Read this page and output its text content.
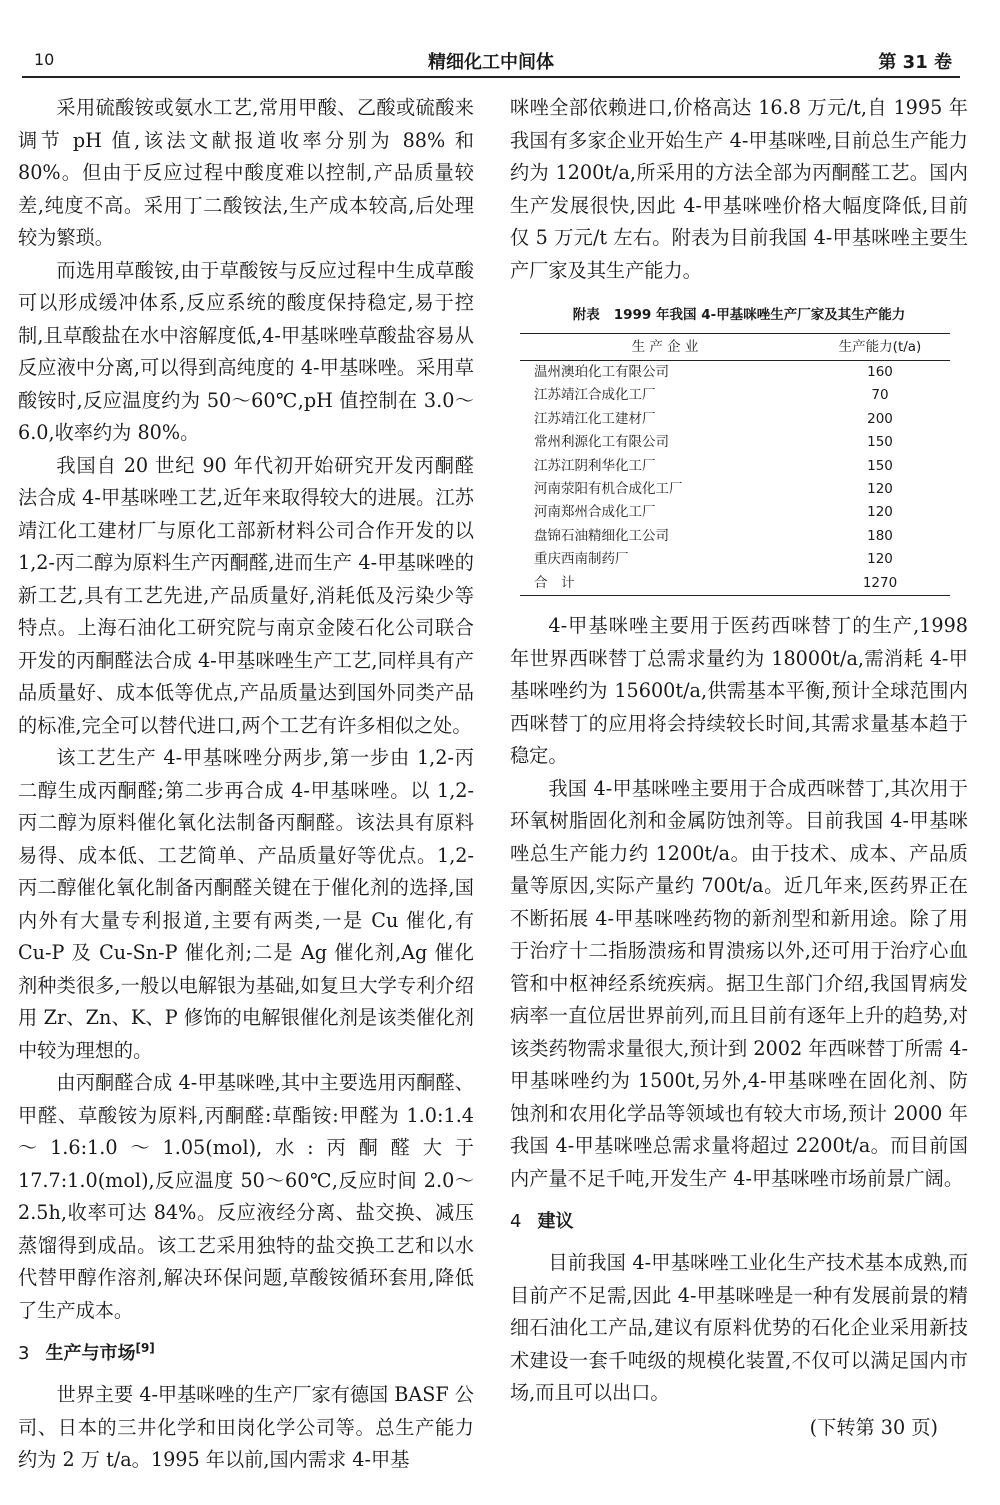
10	精细化工中间体	第 31 卷

采用硫酸铵或氨水工艺,常用甲酸、乙酸或硫酸来调节 pH 值,该法文献报道收率分别为 88% 和 80%。但由于反应过程中酸度难以控制,产品质量较差,纯度不高。采用丁二酸铵法,生产成本较高,后处理较为繁琐。

而选用草酸铵,由于草酸铵与反应过程中生成草酸可以形成缓冲体系,反应系统的酸度保持稳定,易于控制,且草酸盐在水中溶解度低,4-甲基咪唑草酸盐容易从反应液中分离,可以得到高纯度的 4-甲基咪唑。采用草酸铵时,反应温度约为 50～60℃,pH 值控制在 3.0～6.0,收率约为 80%。

我国自 20 世纪 90 年代初开始研究开发丙酮醛法合成 4-甲基咪唑工艺,近年来取得较大的进展。江苏靖江化工建材厂与原化工部新材料公司合作开发的以 1,2-丙二醇为原料生产丙酮醛,进而生产 4-甲基咪唑的新工艺,具有工艺先进,产品质量好,消耗低及污染少等特点。上海石油化工研究院与南京金陵石化公司联合开发的丙酮醛法合成 4-甲基咪唑生产工艺,同样具有产品质量好、成本低等优点,产品质量达到国外同类产品的标准,完全可以替代进口,两个工艺有许多相似之处。

该工艺生产 4-甲基咪唑分两步,第一步由 1,2-丙二醇生成丙酮醛;第二步再合成 4-甲基咪唑。以 1,2-丙二醇为原料催化氧化法制备丙酮醛。该法具有原料易得、成本低、工艺简单、产品质量好等优点。1,2-丙二醇催化氧化制备丙酮醛关键在于催化剂的选择,国内外有大量专利报道,主要有两类,一是 Cu 催化,有 Cu-P 及 Cu-Sn-P 催化剂;二是 Ag 催化剂,Ag 催化剂种类很多,一般以电解银为基础,如复旦大学专利介绍用 Zr、Zn、K、P 修饰的电解银催化剂是该类催化剂中较为理想的。

由丙酮醛合成 4-甲基咪唑,其中主要选用丙酮醛、甲醛、草酸铵为原料,丙酮醛:草酯铵:甲醛为 1.0:1.4～1.6:1.0～1.05(mol),水:丙酮醛大于 17.7:1.0(mol),反应温度 50～60℃,反应时间 2.0～2.5h,收率可达 84%。反应液经分离、盐交换、减压蒸馏得到成品。该工艺采用独特的盐交换工艺和以水代替甲醇作溶剂,解决环保问题,草酸铵循环套用,降低了生产成本。

3 生产与市场[9]

世界主要 4-甲基咪唑的生产厂家有德国 BASF 公司、日本的三井化学和田岗化学公司等。总生产能力约为 2 万 t/a。1995 年以前,国内需求 4-甲基

咪唑全部依赖进口,价格高达 16.8 万元/t,自 1995 年我国有多家企业开始生产 4-甲基咪唑,目前总生产能力约为 1200t/a,所采用的方法全部为丙酮醛工艺。国内生产发展很快,因此 4-甲基咪唑价格大幅度降低,目前仅 5 万元/t 左右。附表为目前我国 4-甲基咪唑主要生产厂家及其生产能力。

附表 1999 年我国 4-甲基咪唑生产厂家及其生产能力
生 产 企 业	生产能力(t/a)
温州澳珀化工有限公司	160
江苏靖江合成化工厂	70
江苏靖江化工建材厂	200
常州利源化工有限公司	150
江苏江阴利华化工厂	150
河南荥阳有机合成化工厂	120
河南郑州合成化工厂	120
盘锦石油精细化工公司	180
重庆西南制药厂	120
合　计	1270

4-甲基咪唑主要用于医药西咪替丁的生产,1998 年世界西咪替丁总需求量约为 18000t/a,需消耗 4-甲基咪唑约为 15600t/a,供需基本平衡,预计全球范围内西咪替丁的应用将会持续较长时间,其需求量基本趋于稳定。

我国 4-甲基咪唑主要用于合成西咪替丁,其次用于环氧树脂固化剂和金属防蚀剂等。目前我国 4-甲基咪唑总生产能力约 1200t/a。由于技术、成本、产品质量等原因,实际产量约 700t/a。近几年来,医药界正在不断拓展 4-甲基咪唑药物的新剂型和新用途。除了用于治疗十二指肠溃疡和胃溃疡以外,还可用于治疗心血管和中枢神经系统疾病。据卫生部门介绍,我国胃病发病率一直位居世界前列,而且目前有逐年上升的趋势,对该类药物需求量很大,预计到 2002 年西咪替丁所需 4-甲基咪唑约为 1500t,另外,4-甲基咪唑在固化剂、防蚀剂和农用化学品等领域也有较大市场,预计 2000 年我国 4-甲基咪唑总需求量将超过 2200t/a。而目前国内产量不足千吨,开发生产 4-甲基咪唑市场前景广阔。

4 建议

目前我国 4-甲基咪唑工业化生产技术基本成熟,而目前产不足需,因此 4-甲基咪唑是一种有发展前景的精细石油化工产品,建议有原料优势的石化企业采用新技术建设一套千吨级的规模化装置,不仅可以满足国内市场,而且可以出口。

(下转第 30 页)
